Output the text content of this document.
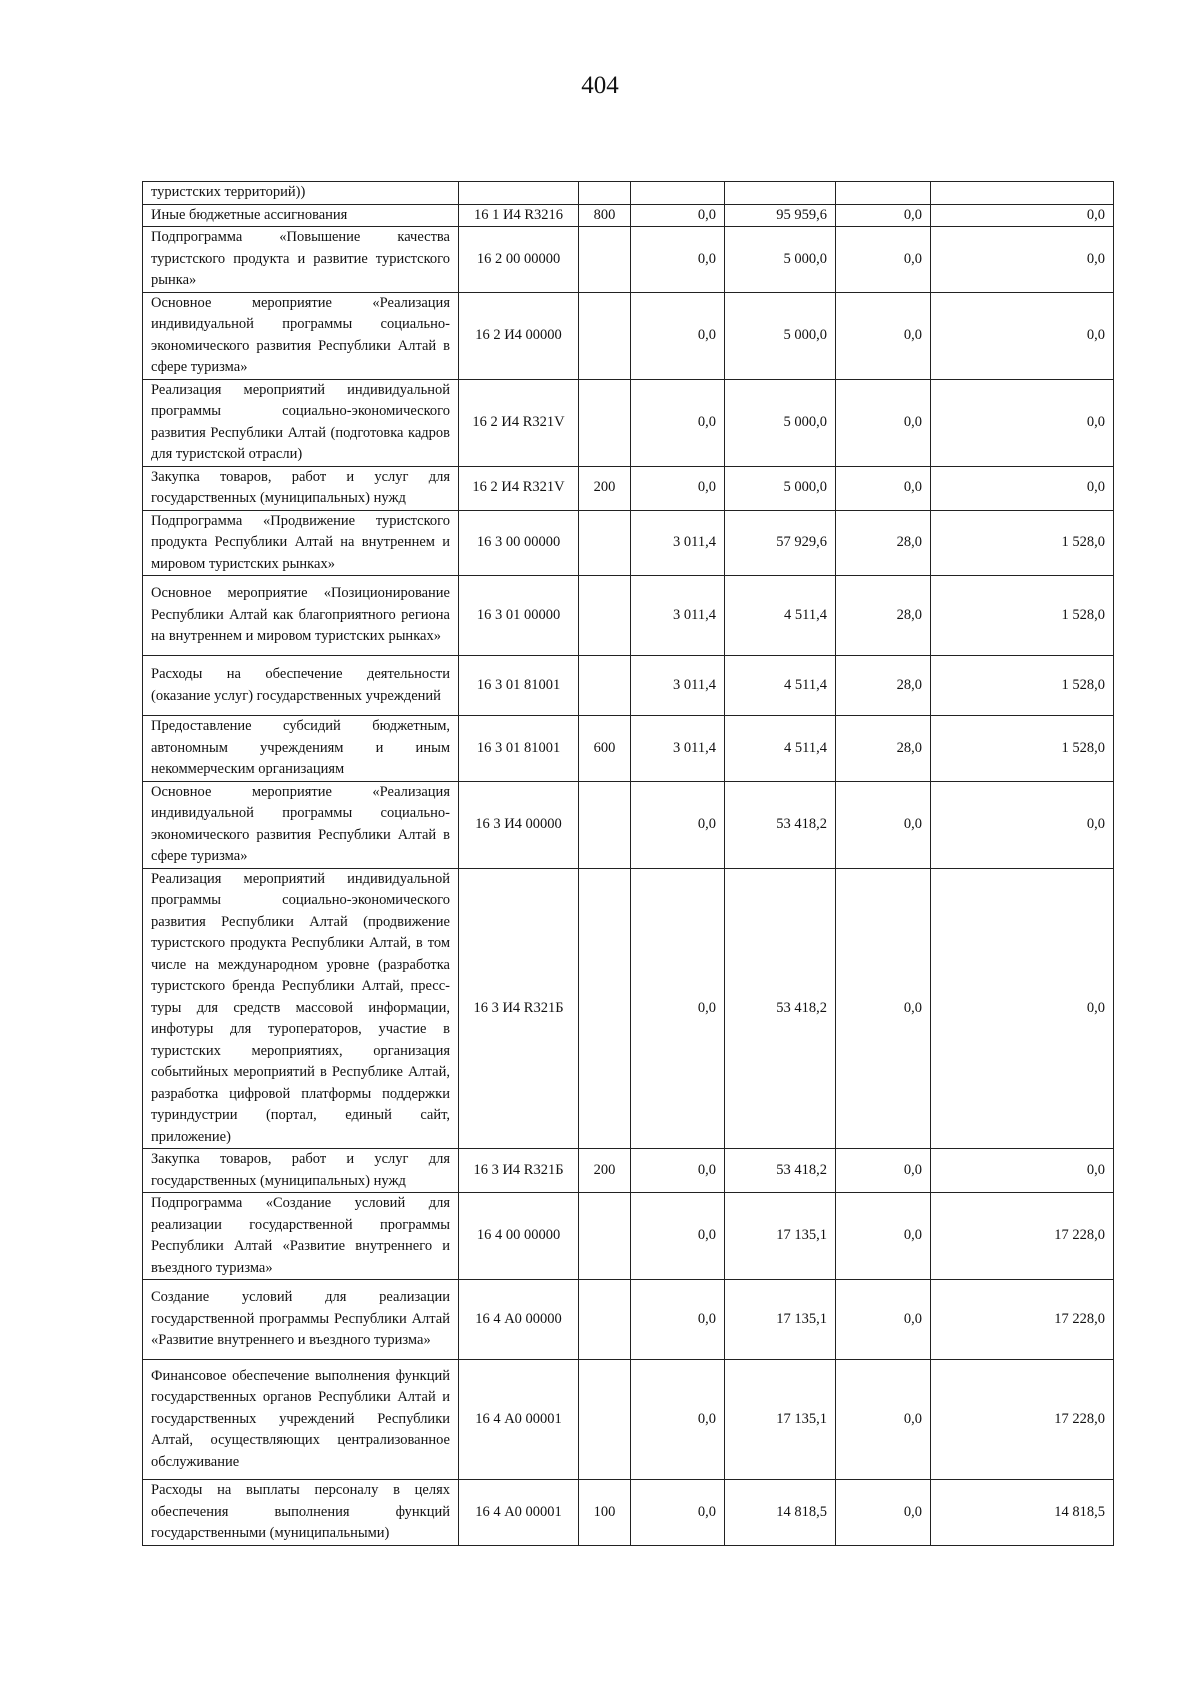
404
туристских территорий))						
Иные бюджетные ассигнования	16 1 И4 R3216	800	0,0	95 959,6	0,0	0,0
Подпрограмма «Повышение качества туристского продукта и развитие туристского рынка»	16 2 00 00000		0,0	5 000,0	0,0	0,0
Основное мероприятие «Реализация индивидуальной программы социально-экономического развития Республики Алтай в сфере туризма»	16 2 И4 00000		0,0	5 000,0	0,0	0,0
Реализация мероприятий индивидуальной программы социально-экономического развития Республики Алтай (подготовка кадров для туристской отрасли)	16 2 И4 R321V		0,0	5 000,0	0,0	0,0
Закупка товаров, работ и услуг для государственных (муниципальных) нужд	16 2 И4 R321V	200	0,0	5 000,0	0,0	0,0
Подпрограмма «Продвижение туристского продукта Республики Алтай на внутреннем и мировом туристских рынках»	16 3 00 00000		3 011,4	57 929,6	28,0	1 528,0
Основное мероприятие «Позиционирование Республики Алтай как благоприятного региона на внутреннем и мировом туристских рынках»	16 3 01 00000		3 011,4	4 511,4	28,0	1 528,0
Расходы на обеспечение деятельности (оказание услуг) государственных учреждений	16 3 01 81001		3 011,4	4 511,4	28,0	1 528,0
Предоставление субсидий бюджетным, автономным учреждениям и иным некоммерческим организациям	16 3 01 81001	600	3 011,4	4 511,4	28,0	1 528,0
Основное мероприятие «Реализация индивидуальной программы социально-экономического развития Республики Алтай в сфере туризма»	16 3 И4 00000		0,0	53 418,2	0,0	0,0
Реализация мероприятий индивидуальной программы социально-экономического развития Республики Алтай (продвижение туристского продукта Республики Алтай, в том числе на международном уровне (разработка туристского бренда Республики Алтай, пресс-туры для средств массовой информации, инфотуры для туроператоров, участие в туристских мероприятиях, организация событийных мероприятий в Республике Алтай, разработка цифровой платформы поддержки туриндустрии (портал, единый сайт, приложение)	16 3 И4 R321Б		0,0	53 418,2	0,0	0,0
Закупка товаров, работ и услуг для государственных (муниципальных) нужд	16 3 И4 R321Б	200	0,0	53 418,2	0,0	0,0
Подпрограмма «Создание условий для реализации государственной программы Республики Алтай «Развитие внутреннего и въездного туризма»	16 4 00 00000		0,0	17 135,1	0,0	17 228,0
Создание условий для реализации государственной программы Республики Алтай «Развитие внутреннего и въездного туризма»	16 4 А0 00000		0,0	17 135,1	0,0	17 228,0
Финансовое обеспечение выполнения функций государственных органов Республики Алтай и государственных учреждений Республики Алтай, осуществляющих централизованное обслуживание	16 4 А0 00001		0,0	17 135,1	0,0	17 228,0
Расходы на выплаты персоналу в целях обеспечения выполнения функций государственными (муниципальными)	16 4 А0 00001	100	0,0	14 818,5	0,0	14 818,5
